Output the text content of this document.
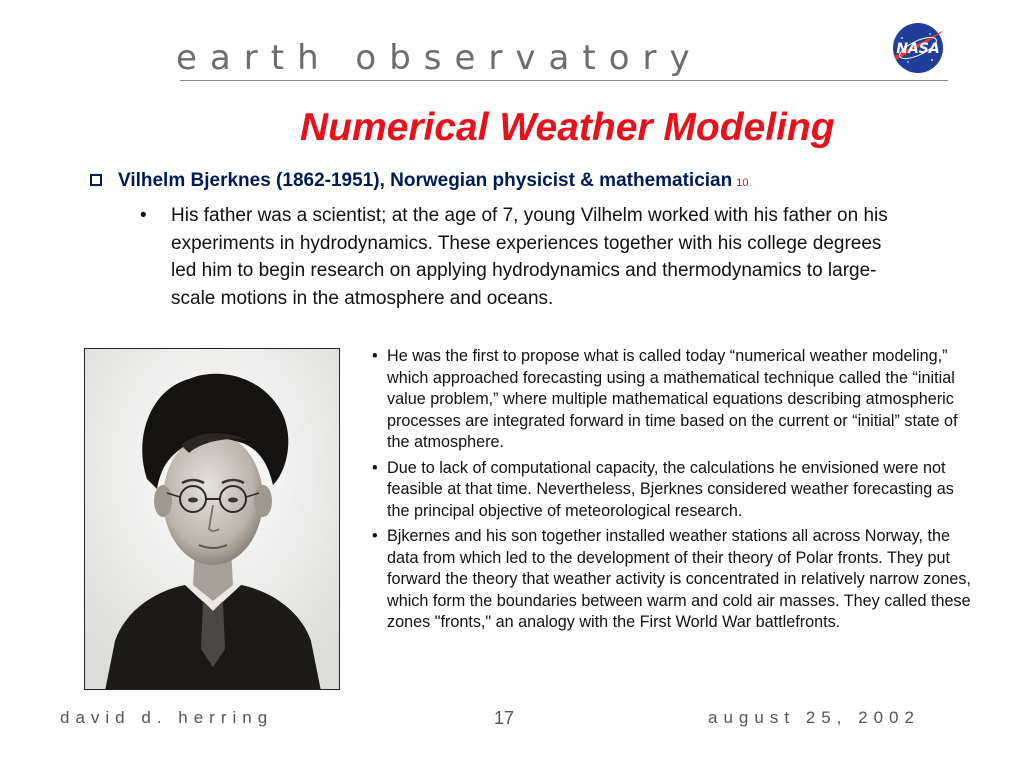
earth observatory	NASA
Numerical Weather Modeling
Vilhelm Bjerknes (1862-1951), Norwegian physicist & mathematician 10
• His father was a scientist; at the age of 7, young Vilhelm worked with his father on his experiments in hydrodynamics. These experiences together with his college degrees led him to begin research on applying hydrodynamics and thermodynamics to large-scale motions in the atmosphere and oceans.
• He was the first to propose what is called today “numerical weather modeling,” which approached forecasting using a mathematical technique called the “initial value problem,” where multiple mathematical equations describing atmospheric processes are integrated forward in time based on the current or “initial” state of the atmosphere.
• Due to lack of computational capacity, the calculations he envisioned were not feasible at that time. Nevertheless, Bjerknes considered weather forecasting as the principal objective of meteorological research.
• Bjkernes and his son together installed weather stations all across Norway, the data from which led to the development of their theory of Polar fronts. They put forward the theory that weather activity is concentrated in relatively narrow zones, which form the boundaries between warm and cold air masses. They called these zones "fronts," an analogy with the First World War battlefronts.
david d. herring	17	august 25, 2002
